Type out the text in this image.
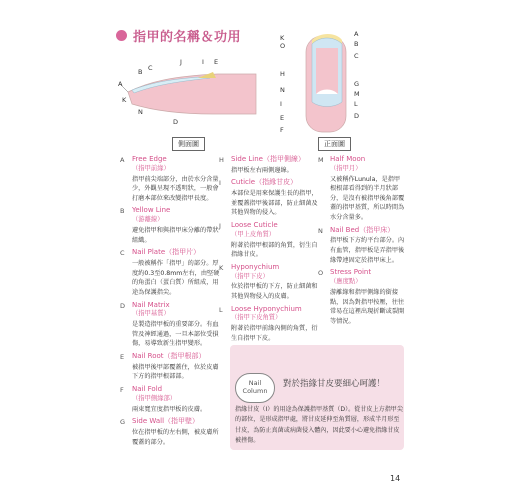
指甲的名稱＆功用
A
B C
J	I E
K
N
D
側面圖
K
O
A
B
C
H
G
N	M
I	L
E	D
F
正面圖
A	Free Edge
（指甲前緣）
指甲前尖端部分，由於水分含量少，外觀呈現不透明狀，一般會打磨本部位來改變指甲長度。
B	Yellow Line
（游離線）
避免指甲和與指甲床分離的帶狀組織。
C	Nail Plate（指甲片）
一般被稱作「指甲」的部分。厚度約0.3至0.8mm左右，由堅硬的角蛋白（蛋白質）所組成，用途為保護指尖。
D Nail Matrix
（指甲基質）
是製造指甲板的重要部分。有血管及神經通過，一旦本部位受損傷，易導致新生指甲變形。
E	Nail Root（指甲根部）
被指甲後甲部覆蓋住，位於皮膚下方的指甲根部部。
F	Nail Fold
（指甲側緣部）
兩束寬宜度指甲板的皮膚。
G Side Wall（指甲壁）
位在指甲板的左右側，被皮膚所覆蓋的部分。
H	Side Line（指甲側線）
指甲板左右兩側邊線。
I	Cuticle（指緣甘皮）
本部位是用來保護生長的指甲，並覆蓋指甲後部部，防止細菌及其他異物的侵入。
J	Loose Cuticle
（甲上皮角質）
附著於指甲根部的角質，衍生自指緣甘皮。
K	Hyponychium
（指甲下皮）
位於指甲板的下方，防止細菌和其他異物侵入的皮膚。
L	Loose Hyponychium
（指甲下皮角質）
附著於指甲前緣內側的角質，衍生自指甲下皮。
M Half Moon
（指甲月）
又被稱作Lunula，是指甲根根部看得到的半月狀部分，是沒有被指甲後角部覆蓋的指甲基質，所以時間為水分含量多。
N	Nail Bed（指甲床）
指甲板下方約平台部分。內有血管，指甲板是弄指甲後緣帶連固定於指甲床上。
O Stress Point
（應度點）
游離緣和指甲側緣的銜接點，因為對指甲按壓，往往常易在這裡出現折斷或裂開等情況。
Nail
Column
對於指緣甘皮要細心呵護！
指緣甘皮（I）的用途為保護指甲基質（D）。從甘皮上方指甲尖的部位，是形成指甲處，將甘皮延伸至角質層，形成半月形至甘皮，為防止真菌或病菌侵入體內，因此要小心避免指緣甘皮被挫傷。
14
